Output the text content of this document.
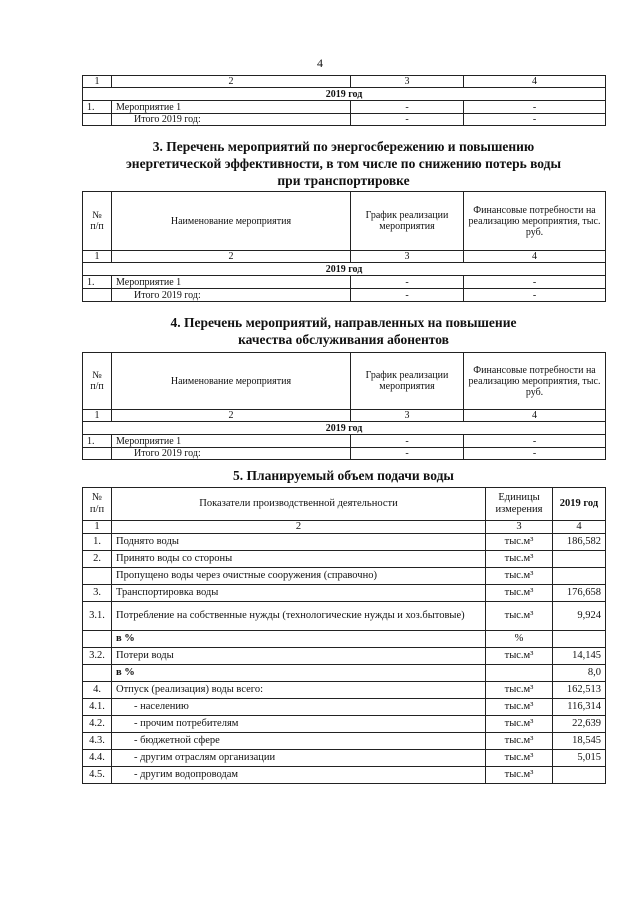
4
1	2	3	4
2019 год			
1.	Мероприятие 1	-	-
	Итого 2019 год:	-	-
3. Перечень мероприятий по энергосбережению и повышению энергетической эффективности, в том числе по снижению потерь воды при транспортировке
№ п/п	Наименование мероприятия	График реализации мероприятия	Финансовые потребности на реализацию мероприятия, тыс. руб.
1	2	3	4
2019 год			
1.	Мероприятие 1	-	-
	Итого 2019 год:	-	-
4. Перечень мероприятий, направленных на повышение качества обслуживания абонентов
№ п/п	Наименование мероприятия	График реализации мероприятия	Финансовые потребности на реализацию мероприятия, тыс. руб.
1	2	3	4
2019 год			
1.	Мероприятие 1	-	-
	Итого 2019 год:	-	-
5. Планируемый объем подачи воды
№ п/п	Показатели производственной деятельности	Единицы измерения	2019 год
1	2	3	4
1.	Поднято воды	тыс.м³	186,582
2.	Принято воды со стороны	тыс.м³	
	Пропущено воды через очистные сооружения (справочно)	тыс.м³	
3.	Транспортировка воды	тыс.м³	176,658
3.1.	Потребление на собственные нужды (технологические нужды и хоз.бытовые)	тыс.м³	9,924
	в %	%	
3.2.	Потери воды	тыс.м³	14,145
	в %		8,0
4.	Отпуск (реализация) воды всего:	тыс.м³	162,513
4.1.	- населению	тыс.м³	116,314
4.2.	- прочим потребителям	тыс.м³	22,639
4.3.	- бюджетной сфере	тыс.м³	18,545
4.4.	- другим отраслям организации	тыс.м³	5,015
4.5.	- другим водопроводам	тыс.м³	
